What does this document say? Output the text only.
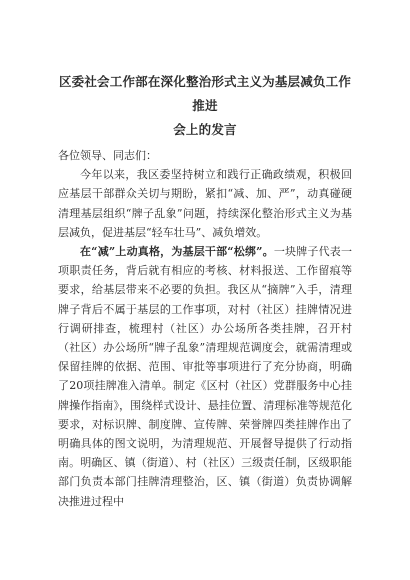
区委社会工作部在深化整治形式主义为基层减负工作推进
会上的发言

各位领导、同志们：

今年以来，我区委坚持树立和践行正确政绩观，积极回应基层干部群众关切与期盼，紧扣“减、加、严”，动真碰硬清理基层组织“牌子乱象”问题，持续深化整治形式主义为基层减负，促进基层“轻车壮马”、减负增效。

在“减”上动真格，为基层干部“松绑”。一块牌子代表一项职责任务，背后就有相应的考核、材料报送、工作留痕等要求，给基层带来不必要的负担。我区从“摘牌”入手，清理牌子背后不属于基层的工作事项，对村（社区）挂牌情况进行调研排查，梳理村（社区）办公场所各类挂牌，召开村（社区）办公场所“牌子乱象”清理规范调度会，就需清理或保留挂牌的依据、范围、审批等事项进行了充分协商，明确了20项挂牌准入清单。制定《区村（社区）党群服务中心挂牌操作指南》，围绕样式设计、悬挂位置、清理标准等规范化要求，对标识牌、制度牌、宣传牌、荣誉牌四类挂牌作出了明确具体的图文说明，为清理规范、开展督导提供了行动指南。明确区、镇（街道）、村（社区）三级责任制，区级职能部门负责本部门挂牌清理整治，区、镇（街道）负责协调解决推进过程中
